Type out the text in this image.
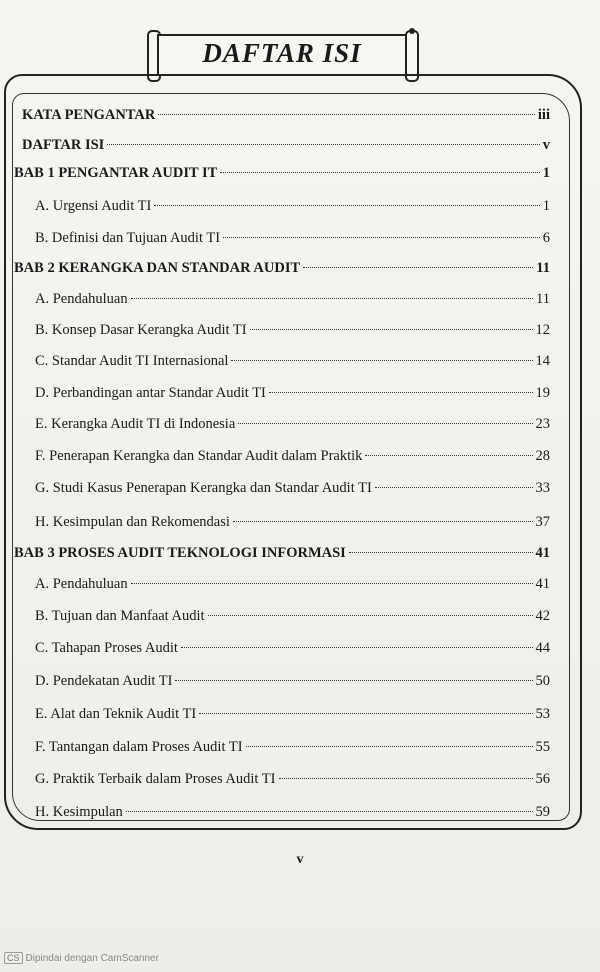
DAFTAR ISI
KATA PENGANTAR	iii
DAFTAR ISI	v
BAB 1 PENGANTAR AUDIT IT	1
A. Urgensi Audit TI	1
B. Definisi dan Tujuan Audit TI	6
BAB 2 KERANGKA DAN STANDAR AUDIT	11
A. Pendahuluan	11
B. Konsep Dasar Kerangka Audit TI	12
C. Standar Audit TI Internasional	14
D. Perbandingan antar Standar Audit TI	19
E. Kerangka Audit TI di Indonesia	23
F. Penerapan Kerangka dan Standar Audit dalam Praktik	28
G. Studi Kasus Penerapan Kerangka dan Standar Audit TI	33
H. Kesimpulan dan Rekomendasi	37
BAB 3 PROSES AUDIT TEKNOLOGI INFORMASI	41
A. Pendahuluan	41
B. Tujuan dan Manfaat Audit	42
C. Tahapan Proses Audit	44
D. Pendekatan Audit TI	50
E. Alat dan Teknik Audit TI	53
F. Tantangan dalam Proses Audit TI	55
G. Praktik Terbaik dalam Proses Audit TI	56
H. Kesimpulan	59
v
CS Dipindai dengan CamScanner
